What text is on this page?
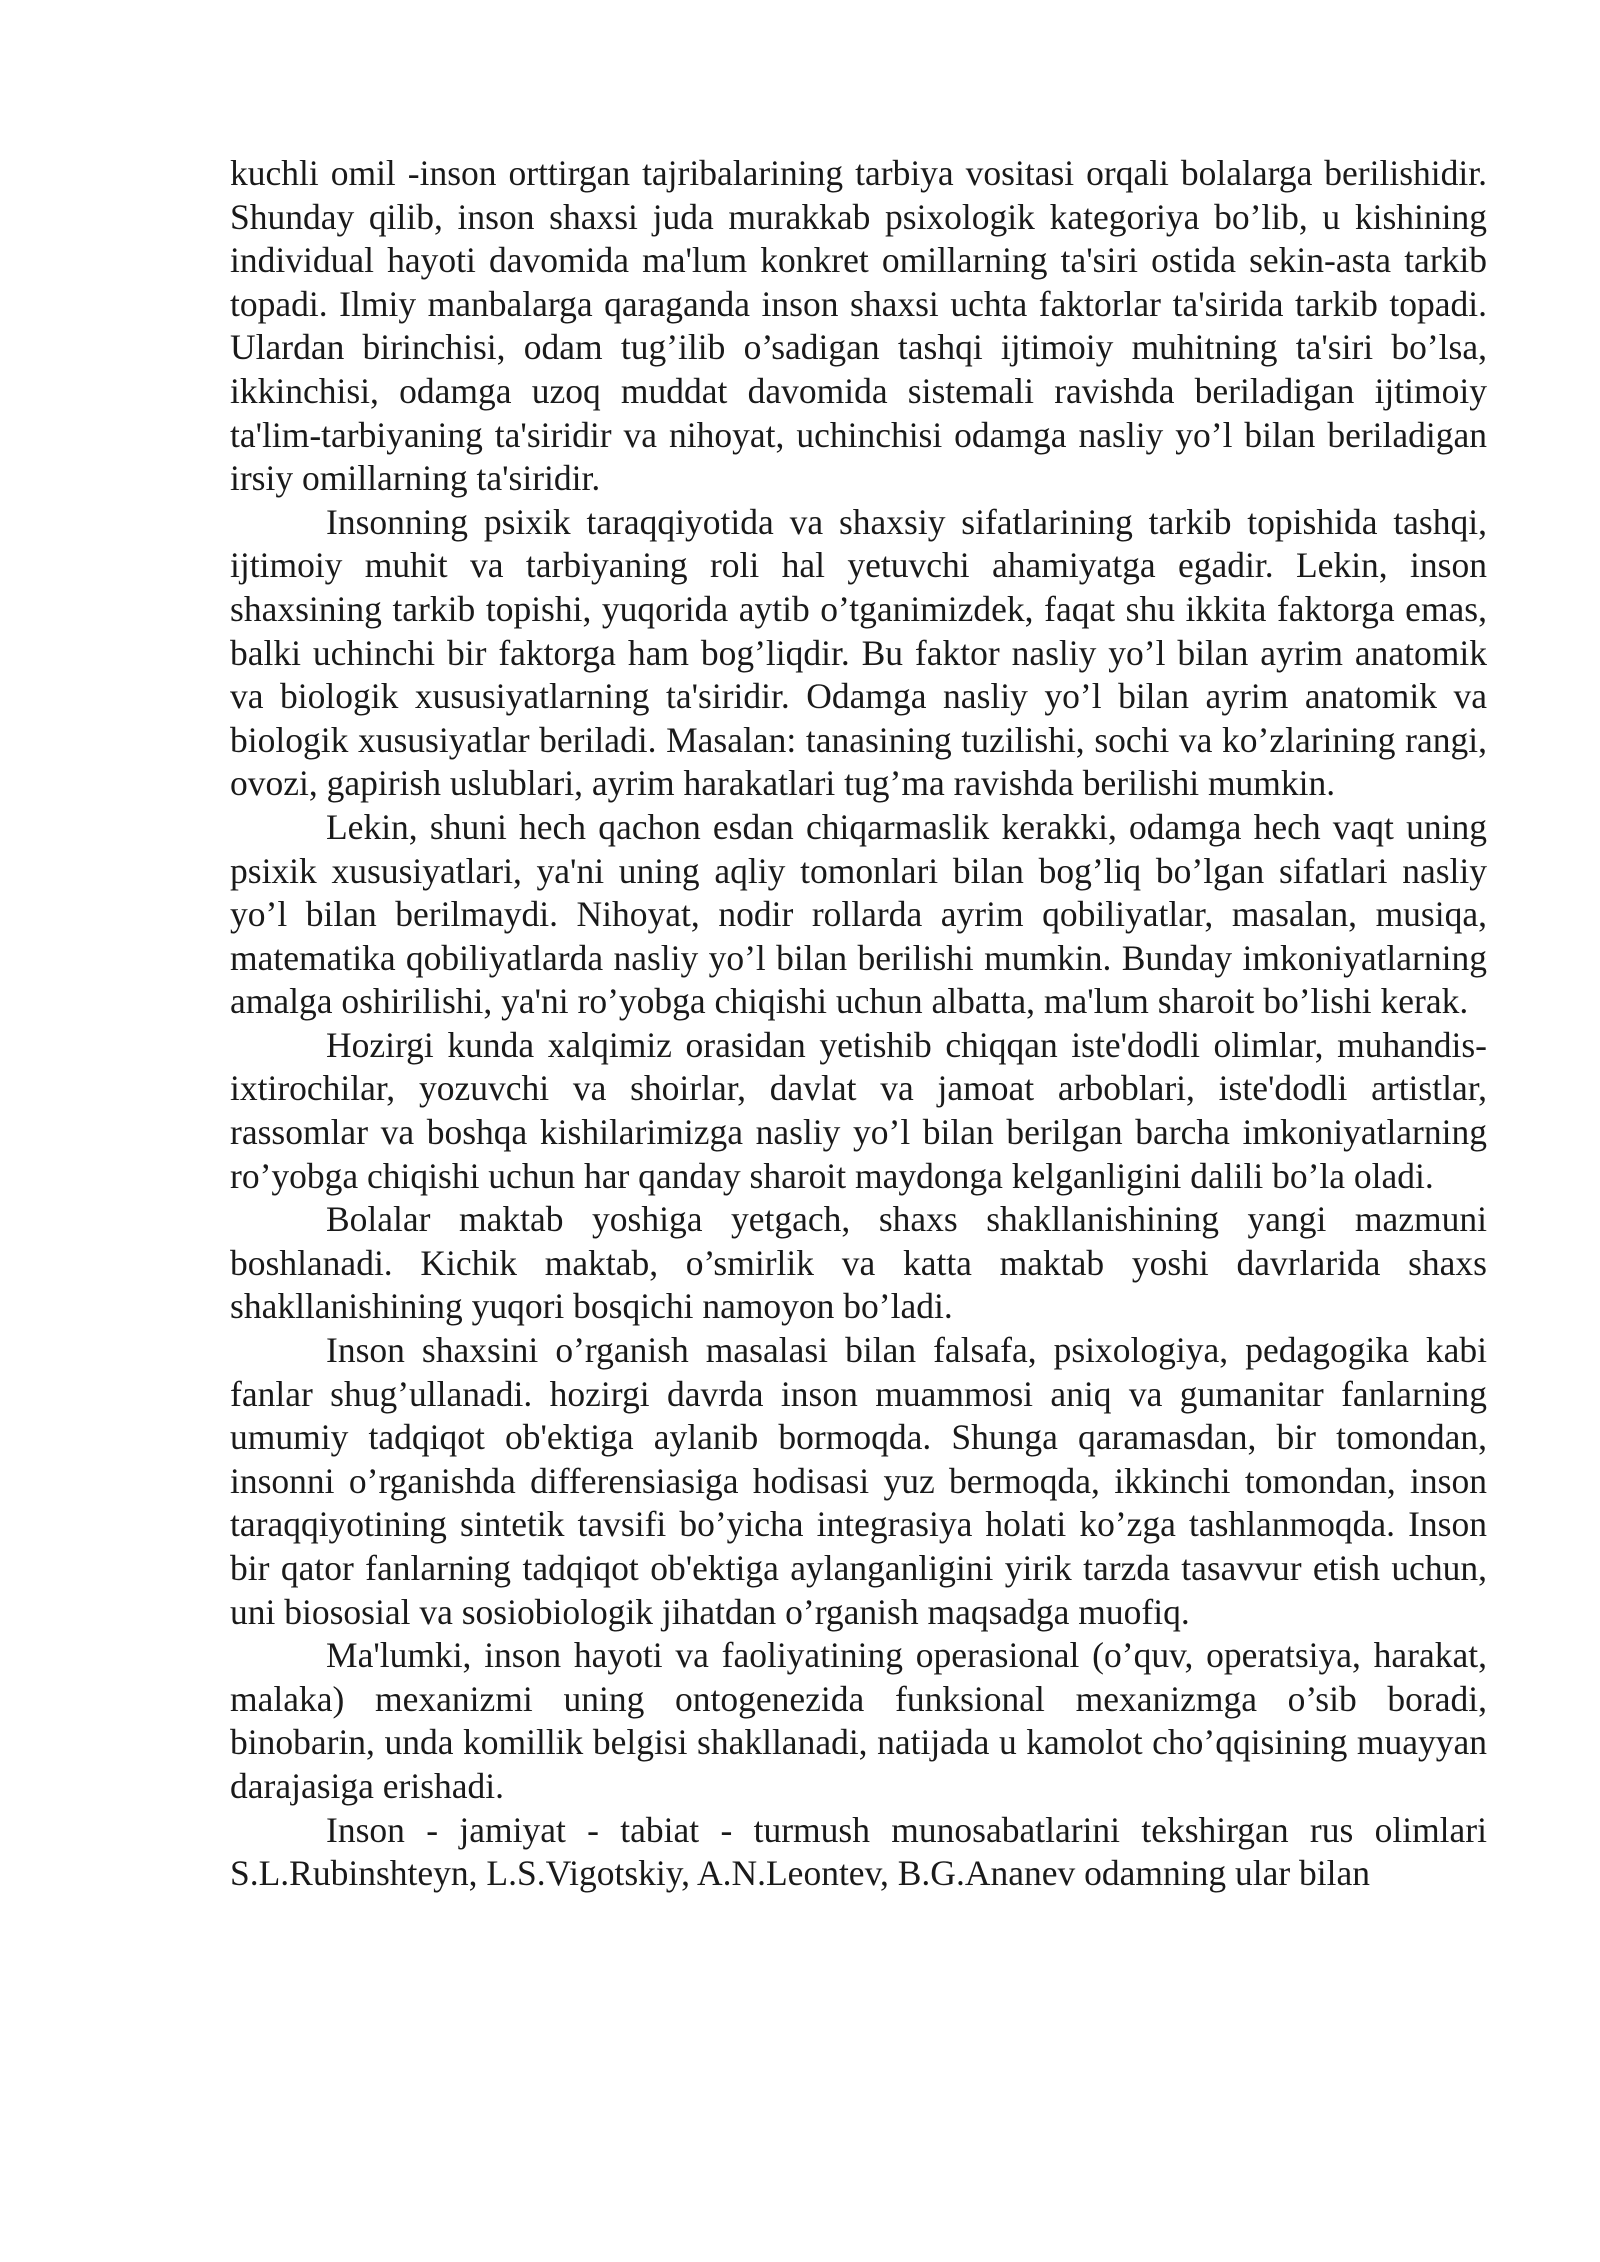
kuchli omil -inson orttirgan tajribalarining tarbiya vositasi orqali bolalarga berilishidir. Shunday qilib, inson shaxsi juda murakkab psixologik kategoriya bo’lib, u kishining individual hayoti davomida ma'lum konkret omillarning ta'siri ostida sekin-asta tarkib topadi. Ilmiy manbalarga qaraganda inson shaxsi uchta faktorlar ta'sirida tarkib topadi. Ulardan birinchisi, odam tug’ilib o’sadigan tashqi ijtimoiy muhitning ta'siri bo’lsa, ikkinchisi, odamga uzoq muddat davomida sistemali ravishda beriladigan ijtimoiy ta'lim-tarbiyaning ta'siridir va nihoyat, uchinchisi odamga nasliy yo’l bilan beriladigan irsiy omillarning ta'siridir.

Insonning psixik taraqqiyotida va shaxsiy sifatlarining tarkib topishida tashqi, ijtimoiy muhit va tarbiyaning roli hal yetuvchi ahamiyatga egadir. Lekin, inson shaxsining tarkib topishi, yuqorida aytib o’tganimizdek, faqat shu ikkita faktorga emas, balki uchinchi bir faktorga ham bog’liqdir. Bu faktor nasliy yo’l bilan ayrim anatomik va biologik xususiyatlarning ta'siridir. Odamga nasliy yo’l bilan ayrim anatomik va biologik xususiyatlar beriladi. Masalan: tanasining tuzilishi, sochi va ko’zlarining rangi, ovozi, gapirish uslublari, ayrim harakatlari tug’ma ravishda berilishi mumkin.

Lekin, shuni hech qachon esdan chiqarmaslik kerakki, odamga hech vaqt uning psixik xususiyatlari, ya'ni uning aqliy tomonlari bilan bog’liq bo’lgan sifatlari nasliy yo’l bilan berilmaydi. Nihoyat, nodir rollarda ayrim qobiliyatlar, masalan, musiqa, matematika qobiliyatlarda nasliy yo’l bilan berilishi mumkin. Bunday imkoniyatlarning amalga oshirilishi, ya'ni ro’yobga chiqishi uchun albatta, ma'lum sharoit bo’lishi kerak.

Hozirgi kunda xalqimiz orasidan yetishib chiqqan iste'dodli olimlar, muhandis-ixtirochilar, yozuvchi va shoirlar, davlat va jamoat arboblari, iste'dodli artistlar, rassomlar va boshqa kishilarimizga nasliy yo’l bilan berilgan barcha imkoniyatlarning ro’yobga chiqishi uchun har qanday sharoit maydonga kelganligini dalili bo’la oladi.

Bolalar maktab yoshiga yetgach, shaxs shakllanishining yangi mazmuni boshlanadi. Kichik maktab, o’smirlik va katta maktab yoshi davrlarida shaxs shakllanishining yuqori bosqichi namoyon bo’ladi.

Inson shaxsini o’rganish masalasi bilan falsafa, psixologiya, pedagogika kabi fanlar shug’ullanadi. hozirgi davrda inson muammosi aniq va gumanitar fanlarning umumiy tadqiqot ob'ektiga aylanib bormoqda. Shunga qaramasdan, bir tomondan, insonni o’rganishda differensiasiga hodisasi yuz bermoqda, ikkinchi tomondan, inson taraqqiyotining sintetik tavsifi bo’yicha integrasiya holati ko’zga tashlanmoqda. Inson bir qator fanlarning tadqiqot ob'ektiga aylanganligini yirik tarzda tasavvur etish uchun, uni biososial va sosiobiologik jihatdan o’rganish maqsadga muofiq.

Ma'lumki, inson hayoti va faoliyatining operasional (o’quv, operatsiya, harakat, malaka) mexanizmi uning ontogenezida funksional mexanizmga o’sib boradi, binobarin, unda komillik belgisi shakllanadi, natijada u kamolot cho’qqisining muayyan darajasiga erishadi.

Inson - jamiyat - tabiat - turmush munosabatlarini tekshirgan rus olimlari S.L.Rubinshteyn, L.S.Vigotskiy, A.N.Leontev, B.G.Ananev odamning ular bilan
